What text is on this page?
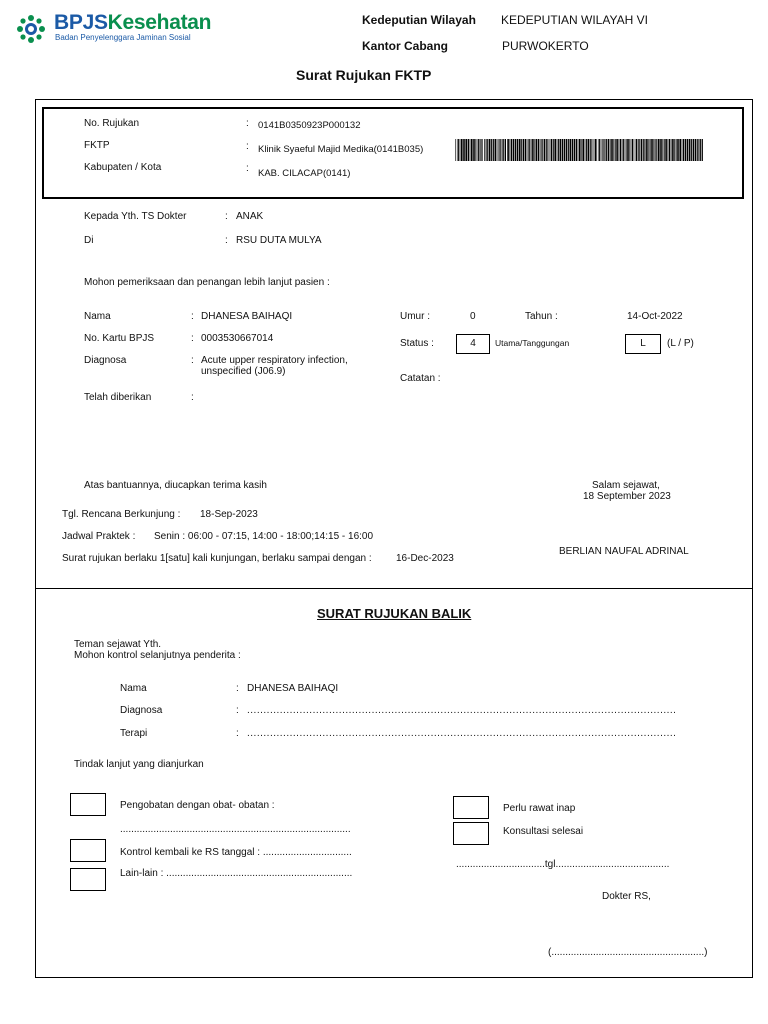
BPJSKesehatan
Badan Penyelenggara Jaminan Sosial
Kedeputian Wilayah KEDEPUTIAN WILAYAH VI
Kantor Cabang	PURWOKERTO
Surat Rujukan FKTP
No. Rujukan	: 0141B0350923P000132
FKTP	: Klinik Syaeful Majid Medika(0141B035)
Kabupaten / Kota	: KAB. CILACAP(0141)
Kepada Yth. TS Dokter	: ANAK
Di	: RSU DUTA MULYA
Mohon pemeriksaan dan penangan lebih lanjut pasien :
Nama	: DHANESA BAIHAQI
No. Kartu BPJS	: 0003530667014
Diagnosa	: Acute upper respiratory infection,
unspecified (J06.9)
Telah diberikan	:
Umur :	0	Tahun :	14-Oct-2022
Status :	4	Utama/Tanggungan	L	(L / P)
Catatan :
Atas bantuannya, diucapkan terima kasih	Salam sejawat,
18 September 2023
Tgl. Rencana Berkunjung : 18-Sep-2023
Jadwal Praktek : Senin : 06:00 - 07:15, 14:00 - 18:00;14:15 - 16:00
Surat rujukan berlaku 1[satu] kali kunjungan, berlaku sampai dengan : 16-Dec-2023
BERLIAN NAUFAL ADRINAL
SURAT RUJUKAN BALIK
Teman sejawat Yth.
Mohon kontrol selanjutnya penderita :
Nama	: DHANESA BAIHAQI
Diagnosa	: ...................................................................................................................................
Terapi	: ...................................................................................................................................
Tindak lanjut yang dianjurkan
Pengobatan dengan obat- obatan :
...................................................................................
Kontrol kembali ke RS tanggal : ................................
Lain-lain : ...................................................................
Perlu rawat inap
Konsultasi selesai
................................tgl.........................................
Dokter RS,
(.......................................................)
